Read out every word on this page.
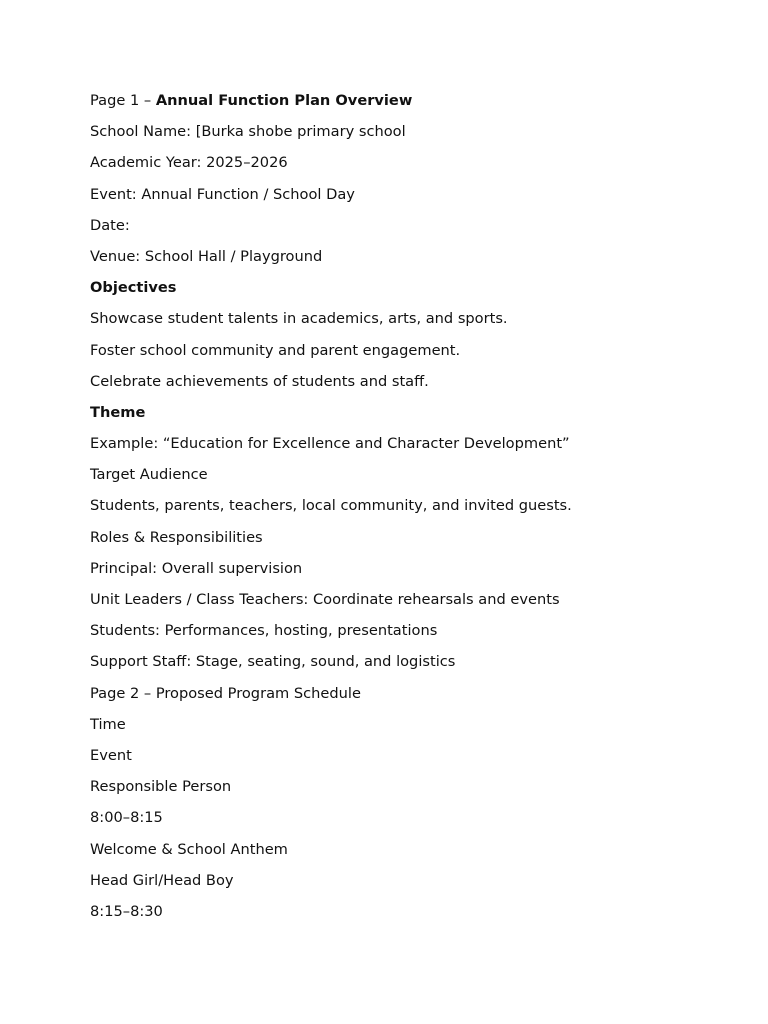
Page 1 – Annual Function Plan Overview
School Name: [Burka shobe primary school
Academic Year: 2025–2026
Event: Annual Function / School Day
Date:
Venue: School Hall / Playground
Objectives
Showcase student talents in academics, arts, and sports.
Foster school community and parent engagement.
Celebrate achievements of students and staff.
Theme
Example: “Education for Excellence and Character Development”
Target Audience
Students, parents, teachers, local community, and invited guests.
Roles & Responsibilities
Principal: Overall supervision
Unit Leaders / Class Teachers: Coordinate rehearsals and events
Students: Performances, hosting, presentations
Support Staff: Stage, seating, sound, and logistics
Page 2 – Proposed Program Schedule
Time
Event
Responsible Person
8:00–8:15
Welcome & School Anthem
Head Girl/Head Boy
8:15–8:30
